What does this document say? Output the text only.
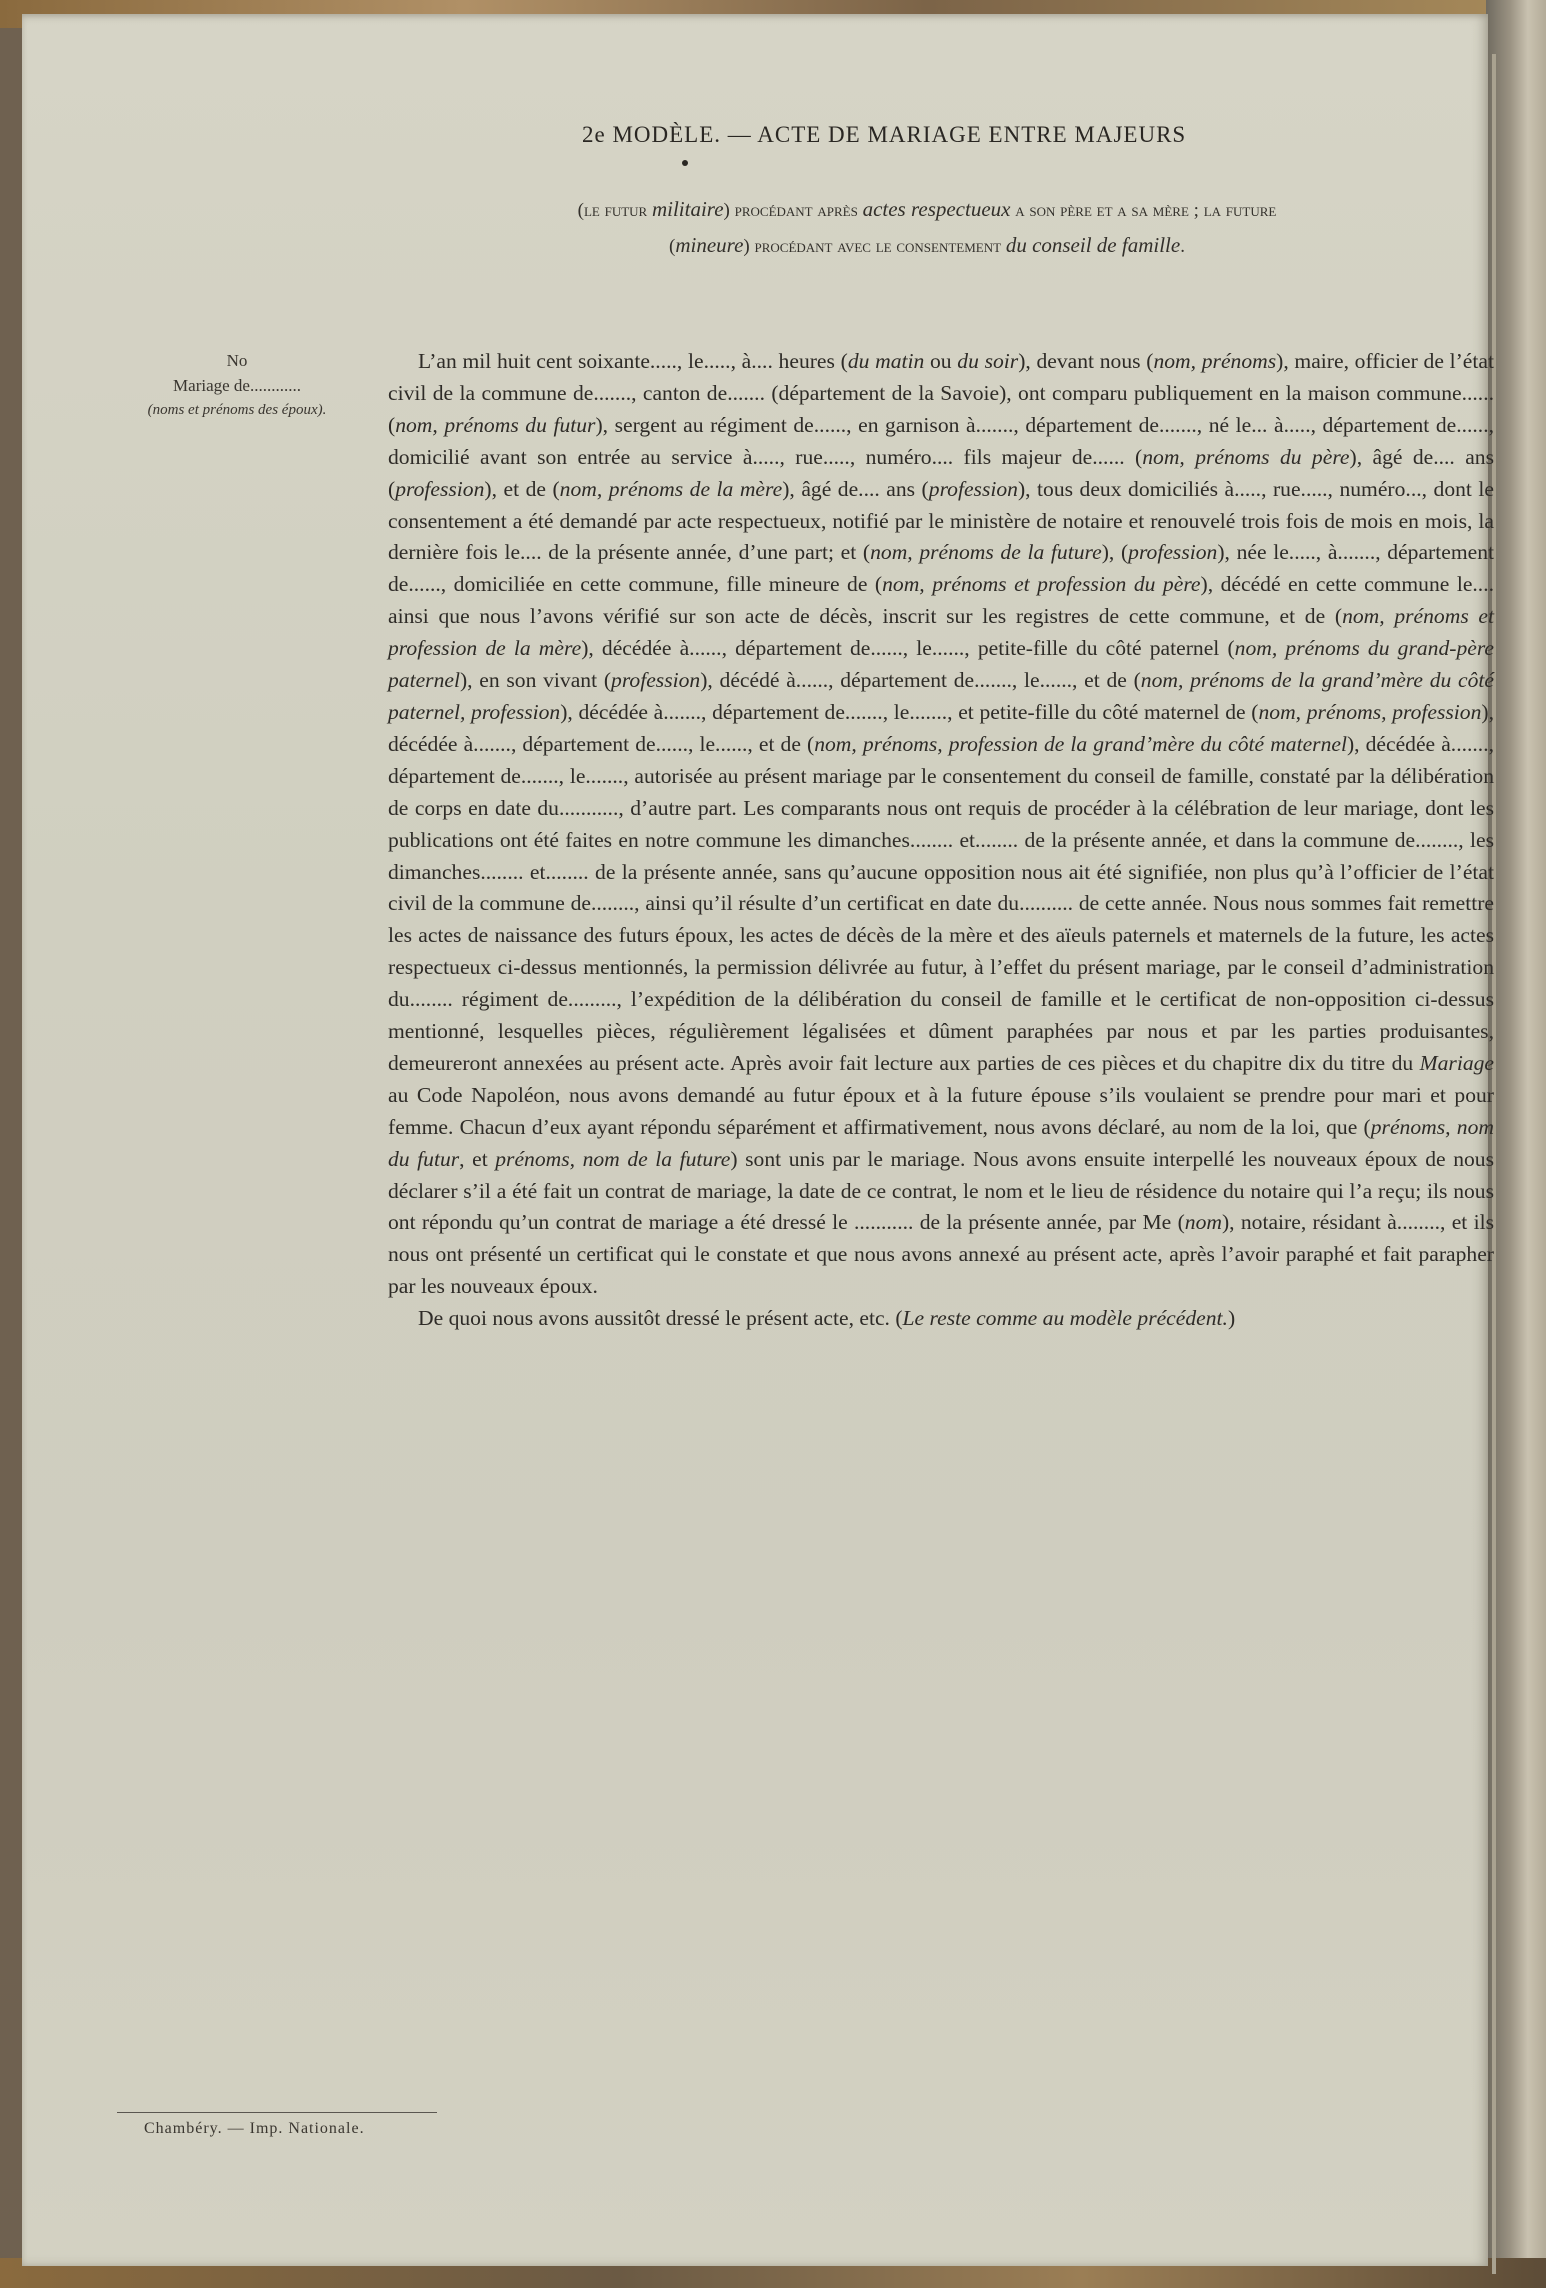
2e MODÈLE. — ACTE DE MARIAGE ENTRE MAJEURS
(le futur militaire) procédant après actes respectueux a son père et a sa mère ; la future
(mineure) procédant avec le consentement du conseil de famille.
No
Mariage de............
(noms et prénoms des époux).

L’an mil huit cent soixante....., le....., à.... heures (du matin ou du soir), devant nous (nom, prénoms), maire, officier de l’état civil de la commune de......., canton de....... (département de la Savoie), ont comparu publiquement en la maison commune...... (nom, prénoms du futur), sergent au régiment de......, en garnison à......., département de......., né le... à....., département de......, domicilié avant son entrée au service à....., rue....., numéro.... fils majeur de...... (nom, prénoms du père), âgé de.... ans (profession), et de (nom, prénoms de la mère), âgé de.... ans (profession), tous deux domiciliés à....., rue....., numéro..., dont le consentement a été demandé par acte respectueux, notifié par le ministère de notaire et renouvelé trois fois de mois en mois, la dernière fois le.... de la présente année, d’une part; et (nom, prénoms de la future), (profession), née le....., à......., département de......, domiciliée en cette commune, fille mineure de (nom, prénoms et profession du père), décédé en cette commune le.... ainsi que nous l’avons vérifié sur son acte de décès, inscrit sur les registres de cette commune, et de (nom, prénoms et profession de la mère), décédée à......, département de......, le......, petite-fille du côté paternel (nom, prénoms du grand-père paternel), en son vivant (profession), décédé à......, département de......., le......, et de (nom, prénoms de la grand’mère du côté paternel, profession), décédée à......., département de......., le......., et petite-fille du côté maternel de (nom, prénoms, profession), décédée à......., département de......, le......, et de (nom, prénoms, profession de la grand’mère du côté maternel), décédée à......., département de......., le......., autorisée au présent mariage par le consentement du conseil de famille, constaté par la délibération de corps en date du..........., d’autre part. Les comparants nous ont requis de procéder à la célébration de leur mariage, dont les publications ont été faites en notre commune les dimanches........ et........ de la présente année, et dans la commune de........, les dimanches........ et........ de la présente année, sans qu’aucune opposition nous ait été signifiée, non plus qu’à l’officier de l’état civil de la commune de........, ainsi qu’il résulte d’un certificat en date du.......... de cette année. Nous nous sommes fait remettre les actes de naissance des futurs époux, les actes de décès de la mère et des aïeuls paternels et maternels de la future, les actes respectueux ci-dessus mentionnés, la permission délivrée au futur, à l’effet du présent mariage, par le conseil d’administration du........ régiment de........., l’expédition de la délibération du conseil de famille et le certificat de non-opposition ci-dessus mentionné, lesquelles pièces, régulièrement légalisées et dûment paraphées par nous et par les parties produisantes, demeureront annexées au présent acte. Après avoir fait lecture aux parties de ces pièces et du chapitre dix du titre du Mariage au Code Napoléon, nous avons demandé au futur époux et à la future épouse s’ils voulaient se prendre pour mari et pour femme. Chacun d’eux ayant répondu séparément et affirmativement, nous avons déclaré, au nom de la loi, que (prénoms, nom du futur, et prénoms, nom de la future) sont unis par le mariage. Nous avons ensuite interpellé les nouveaux époux de nous déclarer s’il a été fait un contrat de mariage, la date de ce contrat, le nom et le lieu de résidence du notaire qui l’a reçu; ils nous ont répondu qu’un contrat de mariage a été dressé le ........... de la présente année, par Me (nom), notaire, résidant à........, et ils nous ont présenté un certificat qui le constate et que nous avons annexé au présent acte, après l’avoir paraphé et fait parapher par les nouveaux époux.

De quoi nous avons aussitôt dressé le présent acte, etc. (Le reste comme au modèle précédent.)

Chambéry. — Imp. Nationale.
